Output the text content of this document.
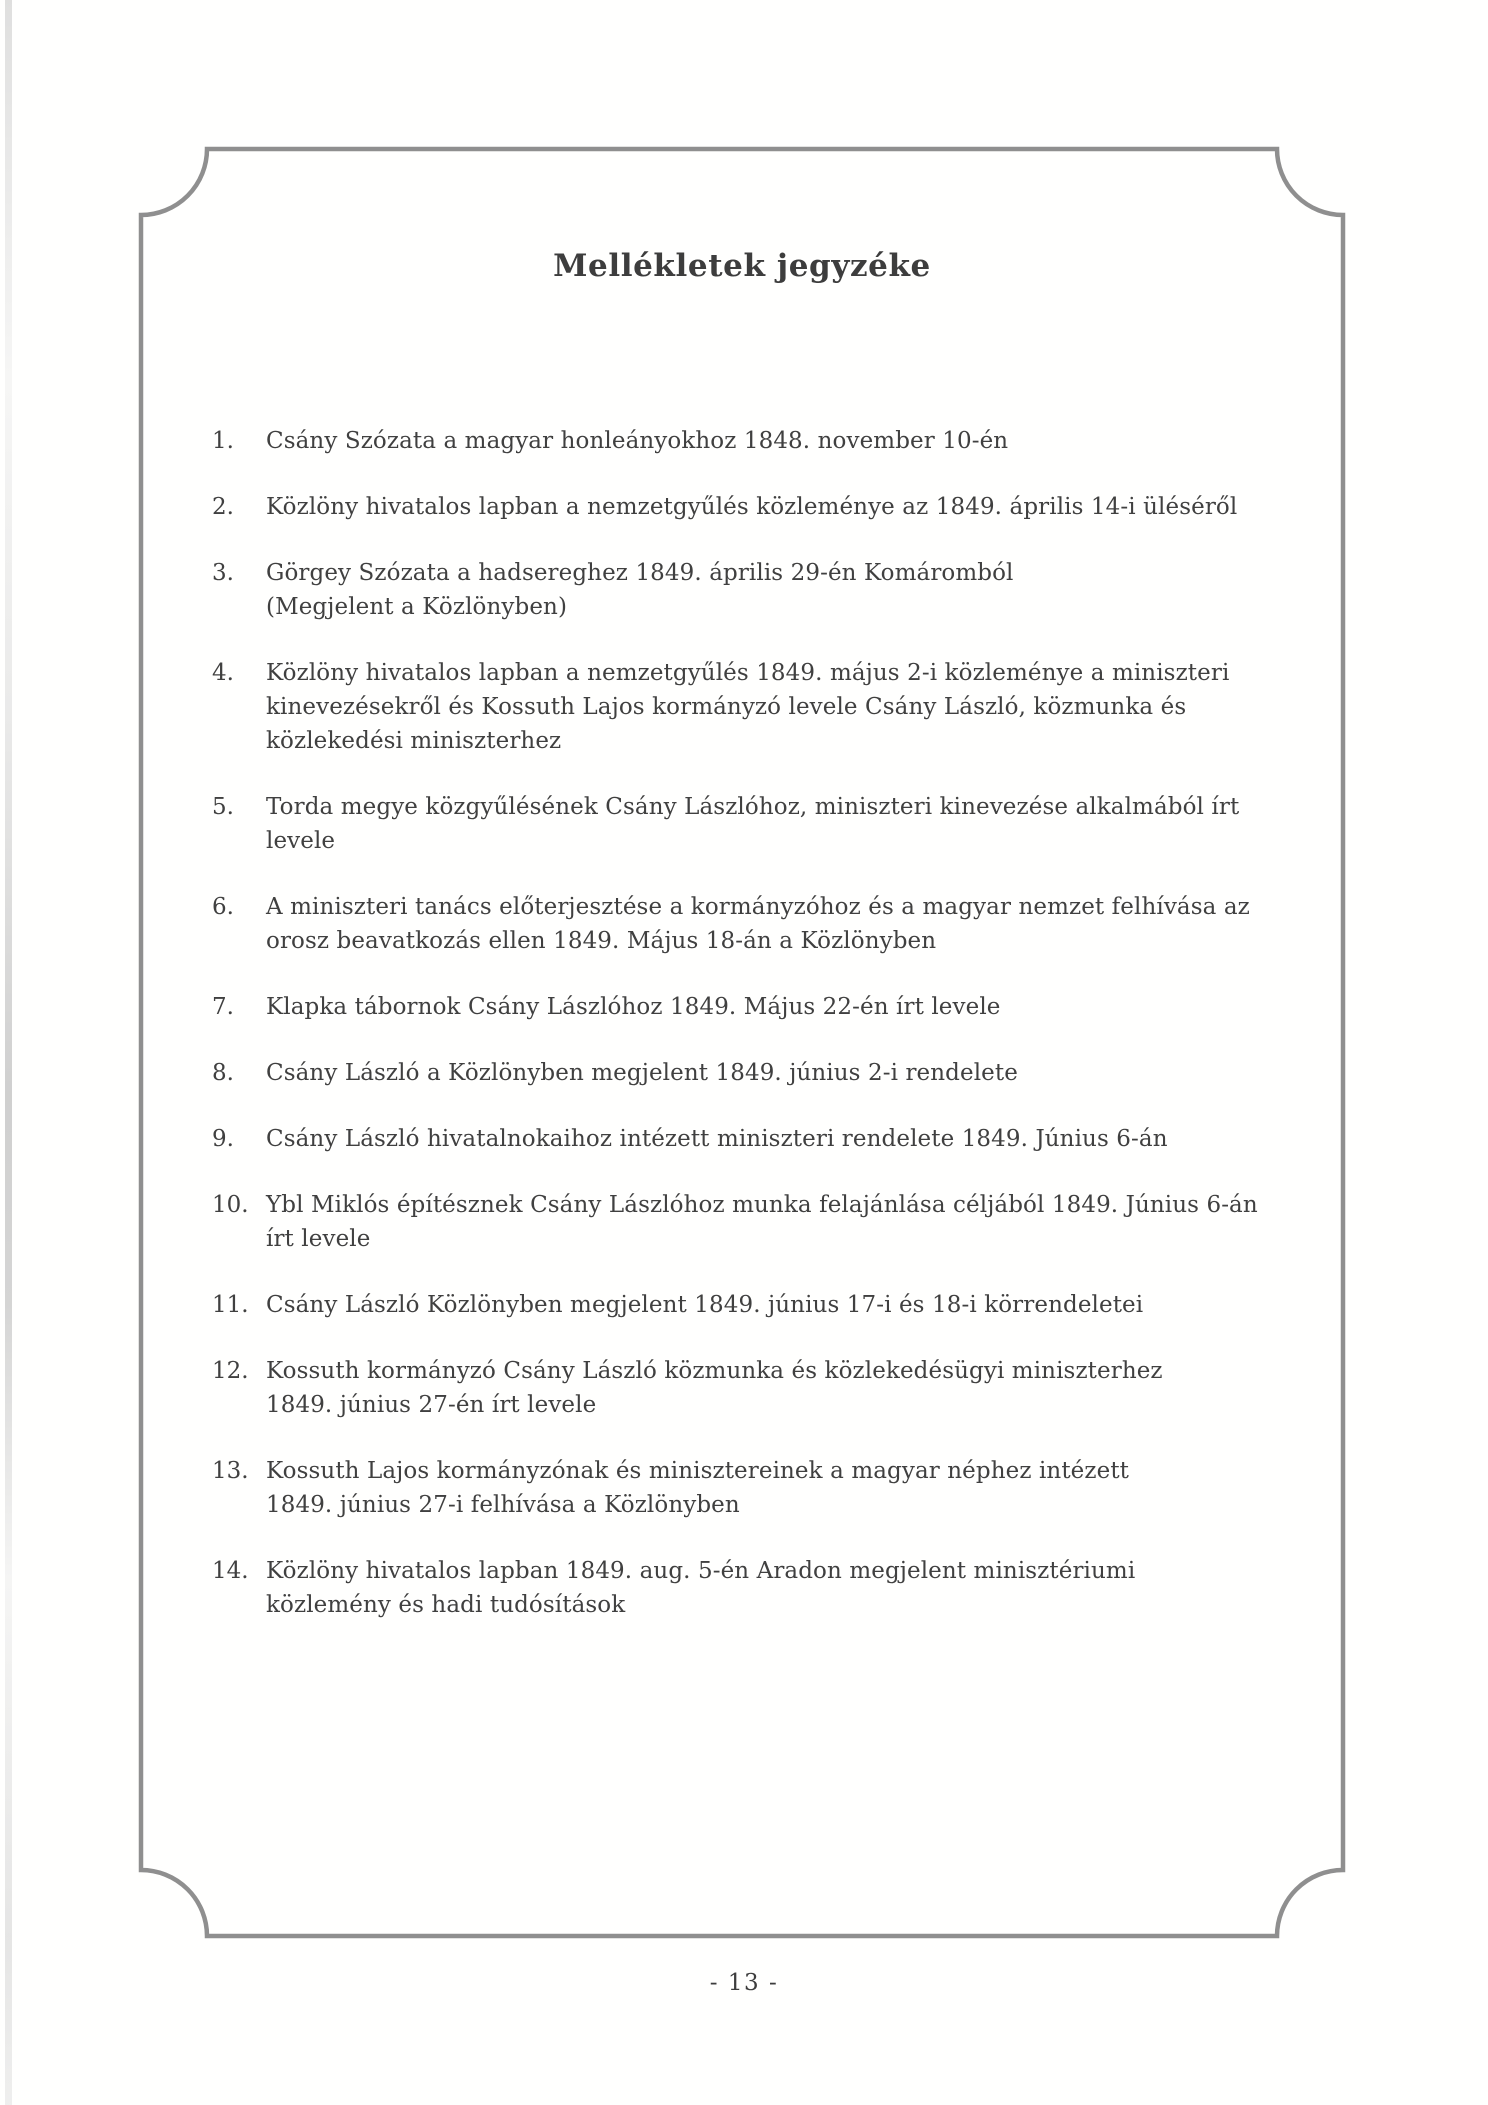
Mellékletek jegyzéke
1.	Csány Szózata a magyar honleányokhoz 1848. november 10-én
2.	Közlöny hivatalos lapban a nemzetgyűlés közleménye az 1849. április 14-i üléséről
3.	Görgey Szózata a hadsereghez 1849. április 29-én Komáromból
(Megjelent a Közlönyben)
4.	Közlöny hivatalos lapban a nemzetgyűlés 1849. május 2-i közleménye a miniszteri
kinevezésekről és Kossuth Lajos kormányzó levele Csány László, közmunka és
közlekedési miniszterhez
5.	Torda megye közgyűlésének Csány Lászlóhoz, miniszteri kinevezése alkalmából írt
levele
6.	A miniszteri tanács előterjesztése a kormányzóhoz és a magyar nemzet felhívása az
orosz beavatkozás ellen 1849. Május 18-án a Közlönyben
7.	Klapka tábornok Csány Lászlóhoz 1849. Május 22-én írt levele
8.	Csány László a Közlönyben megjelent 1849. június 2-i rendelete
9.	Csány László hivatalnokaihoz intézett miniszteri rendelete 1849. Június 6-án
10. Ybl Miklós építésznek Csány Lászlóhoz munka felajánlása céljából 1849. Június 6-án
írt levele
11. Csány László Közlönyben megjelent 1849. június 17-i és 18-i körrendeletei
12. Kossuth kormányzó Csány László közmunka és közlekedésügyi miniszterhez
1849. június 27-én írt levele
13. Kossuth Lajos kormányzónak és minisztereinek a magyar néphez intézett
1849. június 27-i felhívása a Közlönyben
14. Közlöny hivatalos lapban 1849. aug. 5-én Aradon megjelent minisztériumi
közlemény és hadi tudósítások
- 13 -
